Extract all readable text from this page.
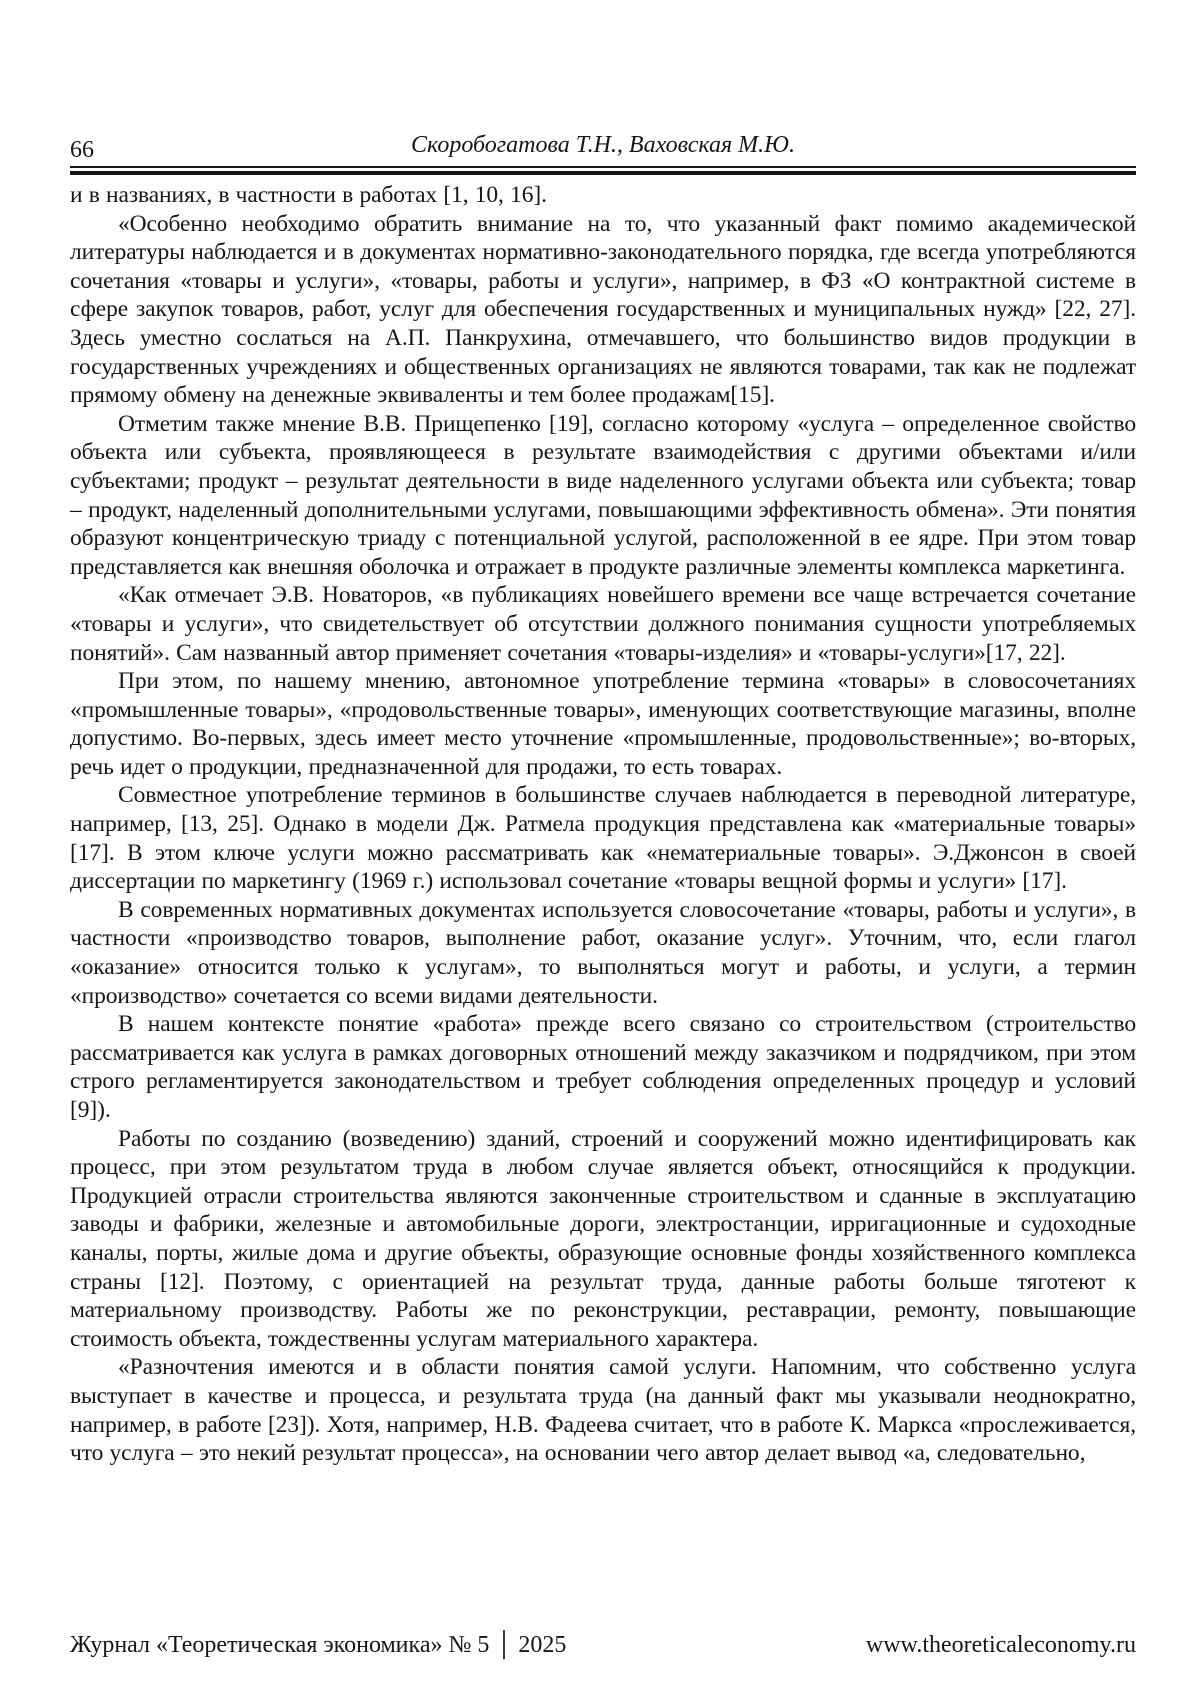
66	Скоробогатова Т.Н., Ваховская М.Ю.

и в названиях, в частности в работах [1, 10, 16].

«Особенно необходимо обратить внимание на то, что указанный факт помимо академической литературы наблюдается и в документах нормативно-законодательного порядка, где всегда употребляются сочетания «товары и услуги», «товары, работы и услуги», например, в ФЗ «О контрактной системе в сфере закупок товаров, работ, услуг для обеспечения государственных и муниципальных нужд» [22, 27]. Здесь уместно сослаться на А.П. Панкрухина, отмечавшего, что большинство видов продукции в государственных учреждениях и общественных организациях не являются товарами, так как не подлежат прямому обмену на денежные эквиваленты и тем более продажам[15].

Отметим также мнение В.В. Прищепенко [19], согласно которому «услуга – определенное свойство объекта или субъекта, проявляющееся в результате взаимодействия с другими объектами и/или субъектами; продукт – результат деятельности в виде наделенного услугами объекта или субъекта; товар – продукт, наделенный дополнительными услугами, повышающими эффективность обмена». Эти понятия образуют концентрическую триаду с потенциальной услугой, расположенной в ее ядре. При этом товар представляется как внешняя оболочка и отражает в продукте различные элементы комплекса маркетинга.

«Как отмечает Э.В. Новаторов, «в публикациях новейшего времени все чаще встречается сочетание «товары и услуги», что свидетельствует об отсутствии должного понимания сущности употребляемых понятий». Сам названный автор применяет сочетания «товары-изделия» и «товары-услуги»[17, 22].

При этом, по нашему мнению, автономное употребление термина «товары» в словосочетаниях «промышленные товары», «продовольственные товары», именующих соответствующие магазины, вполне допустимо. Во-первых, здесь имеет место уточнение «промышленные, продовольственные»; во-вторых, речь идет о продукции, предназначенной для продажи, то есть товарах.

Совместное употребление терминов в большинстве случаев наблюдается в переводной литературе, например, [13, 25]. Однако в модели Дж. Ратмела продукция представлена как «материальные товары» [17]. В этом ключе услуги можно рассматривать как «нематериальные товары». Э.Джонсон в своей диссертации по маркетингу (1969 г.) использовал сочетание «товары вещной формы и услуги» [17].

В современных нормативных документах используется словосочетание «товары, работы и услуги», в частности «производство товаров, выполнение работ, оказание услуг». Уточним, что, если глагол «оказание» относится только к услугам», то выполняться могут и работы, и услуги, а термин «производство» сочетается со всеми видами деятельности.

В нашем контексте понятие «работа» прежде всего связано со строительством (строительство рассматривается как услуга в рамках договорных отношений между заказчиком и подрядчиком, при этом строго регламентируется законодательством и требует соблюдения определенных процедур и условий [9]).

Работы по созданию (возведению) зданий, строений и сооружений можно идентифицировать как процесс, при этом результатом труда в любом случае является объект, относящийся к продукции. Продукцией отрасли строительства являются законченные строительством и сданные в эксплуатацию заводы и фабрики, железные и автомобильные дороги, электростанции, ирригационные и судоходные каналы, порты, жилые дома и другие объекты, образующие основные фонды хозяйственного комплекса страны [12]. Поэтому, с ориентацией на результат труда, данные работы больше тяготеют к материальному производству. Работы же по реконструкции, реставрации, ремонту, повышающие стоимость объекта, тождественны услугам материального характера.

«Разночтения имеются и в области понятия самой услуги. Напомним, что собственно услуга выступает в качестве и процесса, и результата труда (на данный факт мы указывали неоднократно, например, в работе [23]). Хотя, например, Н.В. Фадеева считает, что в работе К. Маркса «прослеживается, что услуга – это некий результат процесса», на основании чего автор делает вывод «а, следовательно,

Журнал «Теоретическая экономика» № 5 │ 2025	www.theoreticaleconomy.ru
